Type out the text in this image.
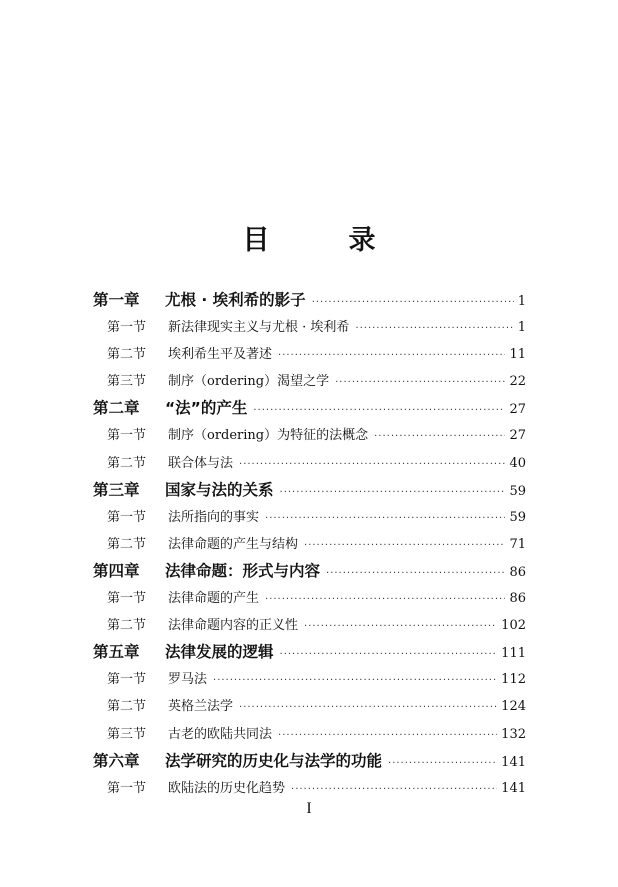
目　录
第一章	尤根 · 埃利希的影子 ·····	1
第一节	新法律现实主义与尤根 · 埃利希 ·····	1
第二节	埃利希生平及著述 ·····	11
第三节	制序（ordering）渴望之学 ·····	22
第二章	“法”的产生 ·····	27
第一节	制序（ordering）为特征的法概念 ·····	27
第二节	联合体与法 ·····	40
第三章	国家与法的关系 ·····	59
第一节	法所指向的事实 ·····	59
第二节	法律命题的产生与结构 ·····	71
第四章	法律命题：形式与内容 ·····	86
第一节	法律命题的产生 ·····	86
第二节	法律命题内容的正义性 ·····	102
第五章	法律发展的逻辑 ·····	111
第一节	罗马法 ·····	112
第二节	英格兰法学 ·····	124
第三节	古老的欧陆共同法 ·····	132
第六章	法学研究的历史化与法学的功能 ·····	141
第一节	欧陆法的历史化趋势 ·····	141
I
